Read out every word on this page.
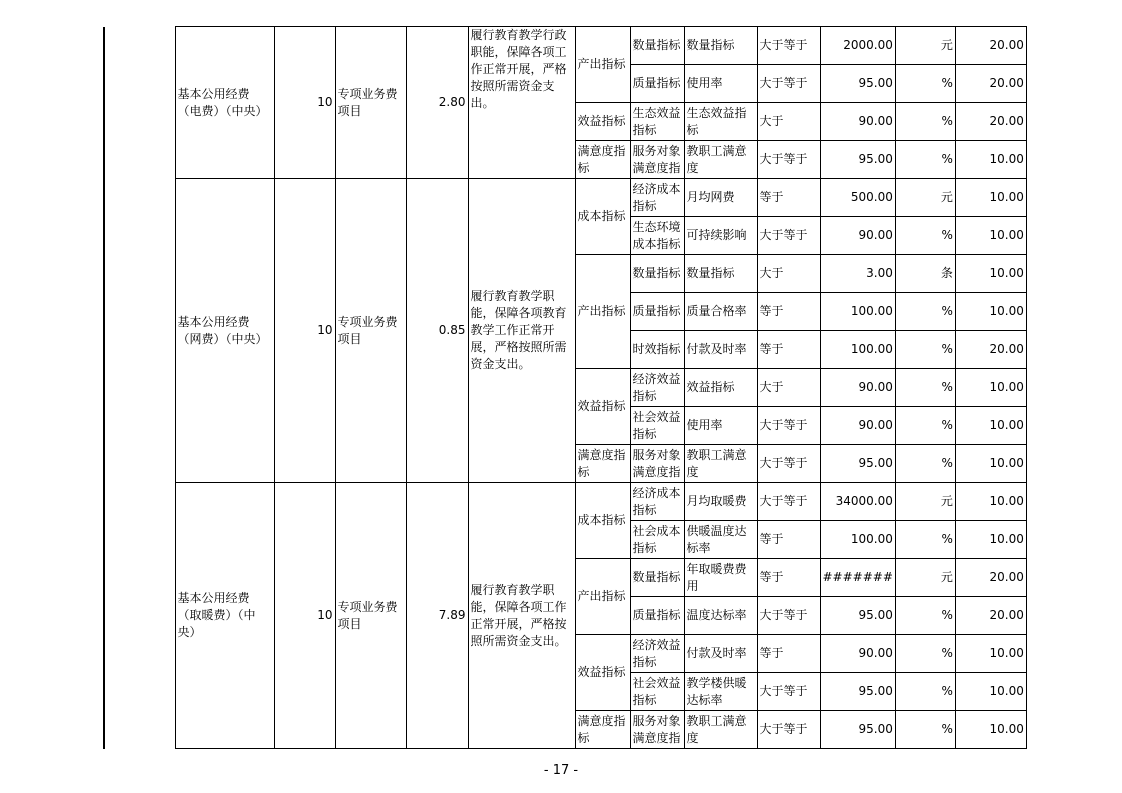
	基本公用经费（电费）（中央）	10	专项业务费项目	2.80	履行教育教学行政职能，保障各项工作正常开展，严格按照所需资金支出。	产出指标	数量指标	数量指标	大于等于	2000.00	元	20.00
							质量指标	使用率	大于等于	95.00	%	20.00
						效益指标	生态效益指标	生态效益指标	大于	90.00	%	20.00
						满意度指标	服务对象满意度指	教职工满意度	大于等于	95.00	%	10.00
	基本公用经费（网费）（中央）	10	专项业务费项目	0.85	履行教育教学职能，保障各项教育教学工作正常开展，严格按照所需资金支出。	成本指标	经济成本指标	月均网费	等于	500.00	元	10.00
							生态环境成本指标	可持续影响	大于等于	90.00	%	10.00
						产出指标	数量指标	数量指标	大于	3.00	条	10.00
							质量指标	质量合格率	等于	100.00	%	10.00
							时效指标	付款及时率	等于	100.00	%	20.00
						效益指标	经济效益指标	效益指标	大于	90.00	%	10.00
							社会效益指标	使用率	大于等于	90.00	%	10.00
						满意度指标	服务对象满意度指	教职工满意度	大于等于	95.00	%	10.00
	基本公用经费（取暖费）（中央）	10	专项业务费项目	7.89	履行教育教学职能，保障各项工作正常开展，严格按照所需资金支出。	成本指标	经济成本指标	月均取暖费	大于等于	34000.00	元	10.00
							社会成本指标	供暖温度达标率	等于	100.00	%	10.00
						产出指标	数量指标	年取暖费费用	等于	#######	元	20.00
							质量指标	温度达标率	大于等于	95.00	%	20.00
						效益指标	经济效益指标	付款及时率	等于	90.00	%	10.00
							社会效益指标	教学楼供暖达标率	大于等于	95.00	%	10.00
						满意度指标	服务对象满意度指	教职工满意度	大于等于	95.00	%	10.00
- 17 -
